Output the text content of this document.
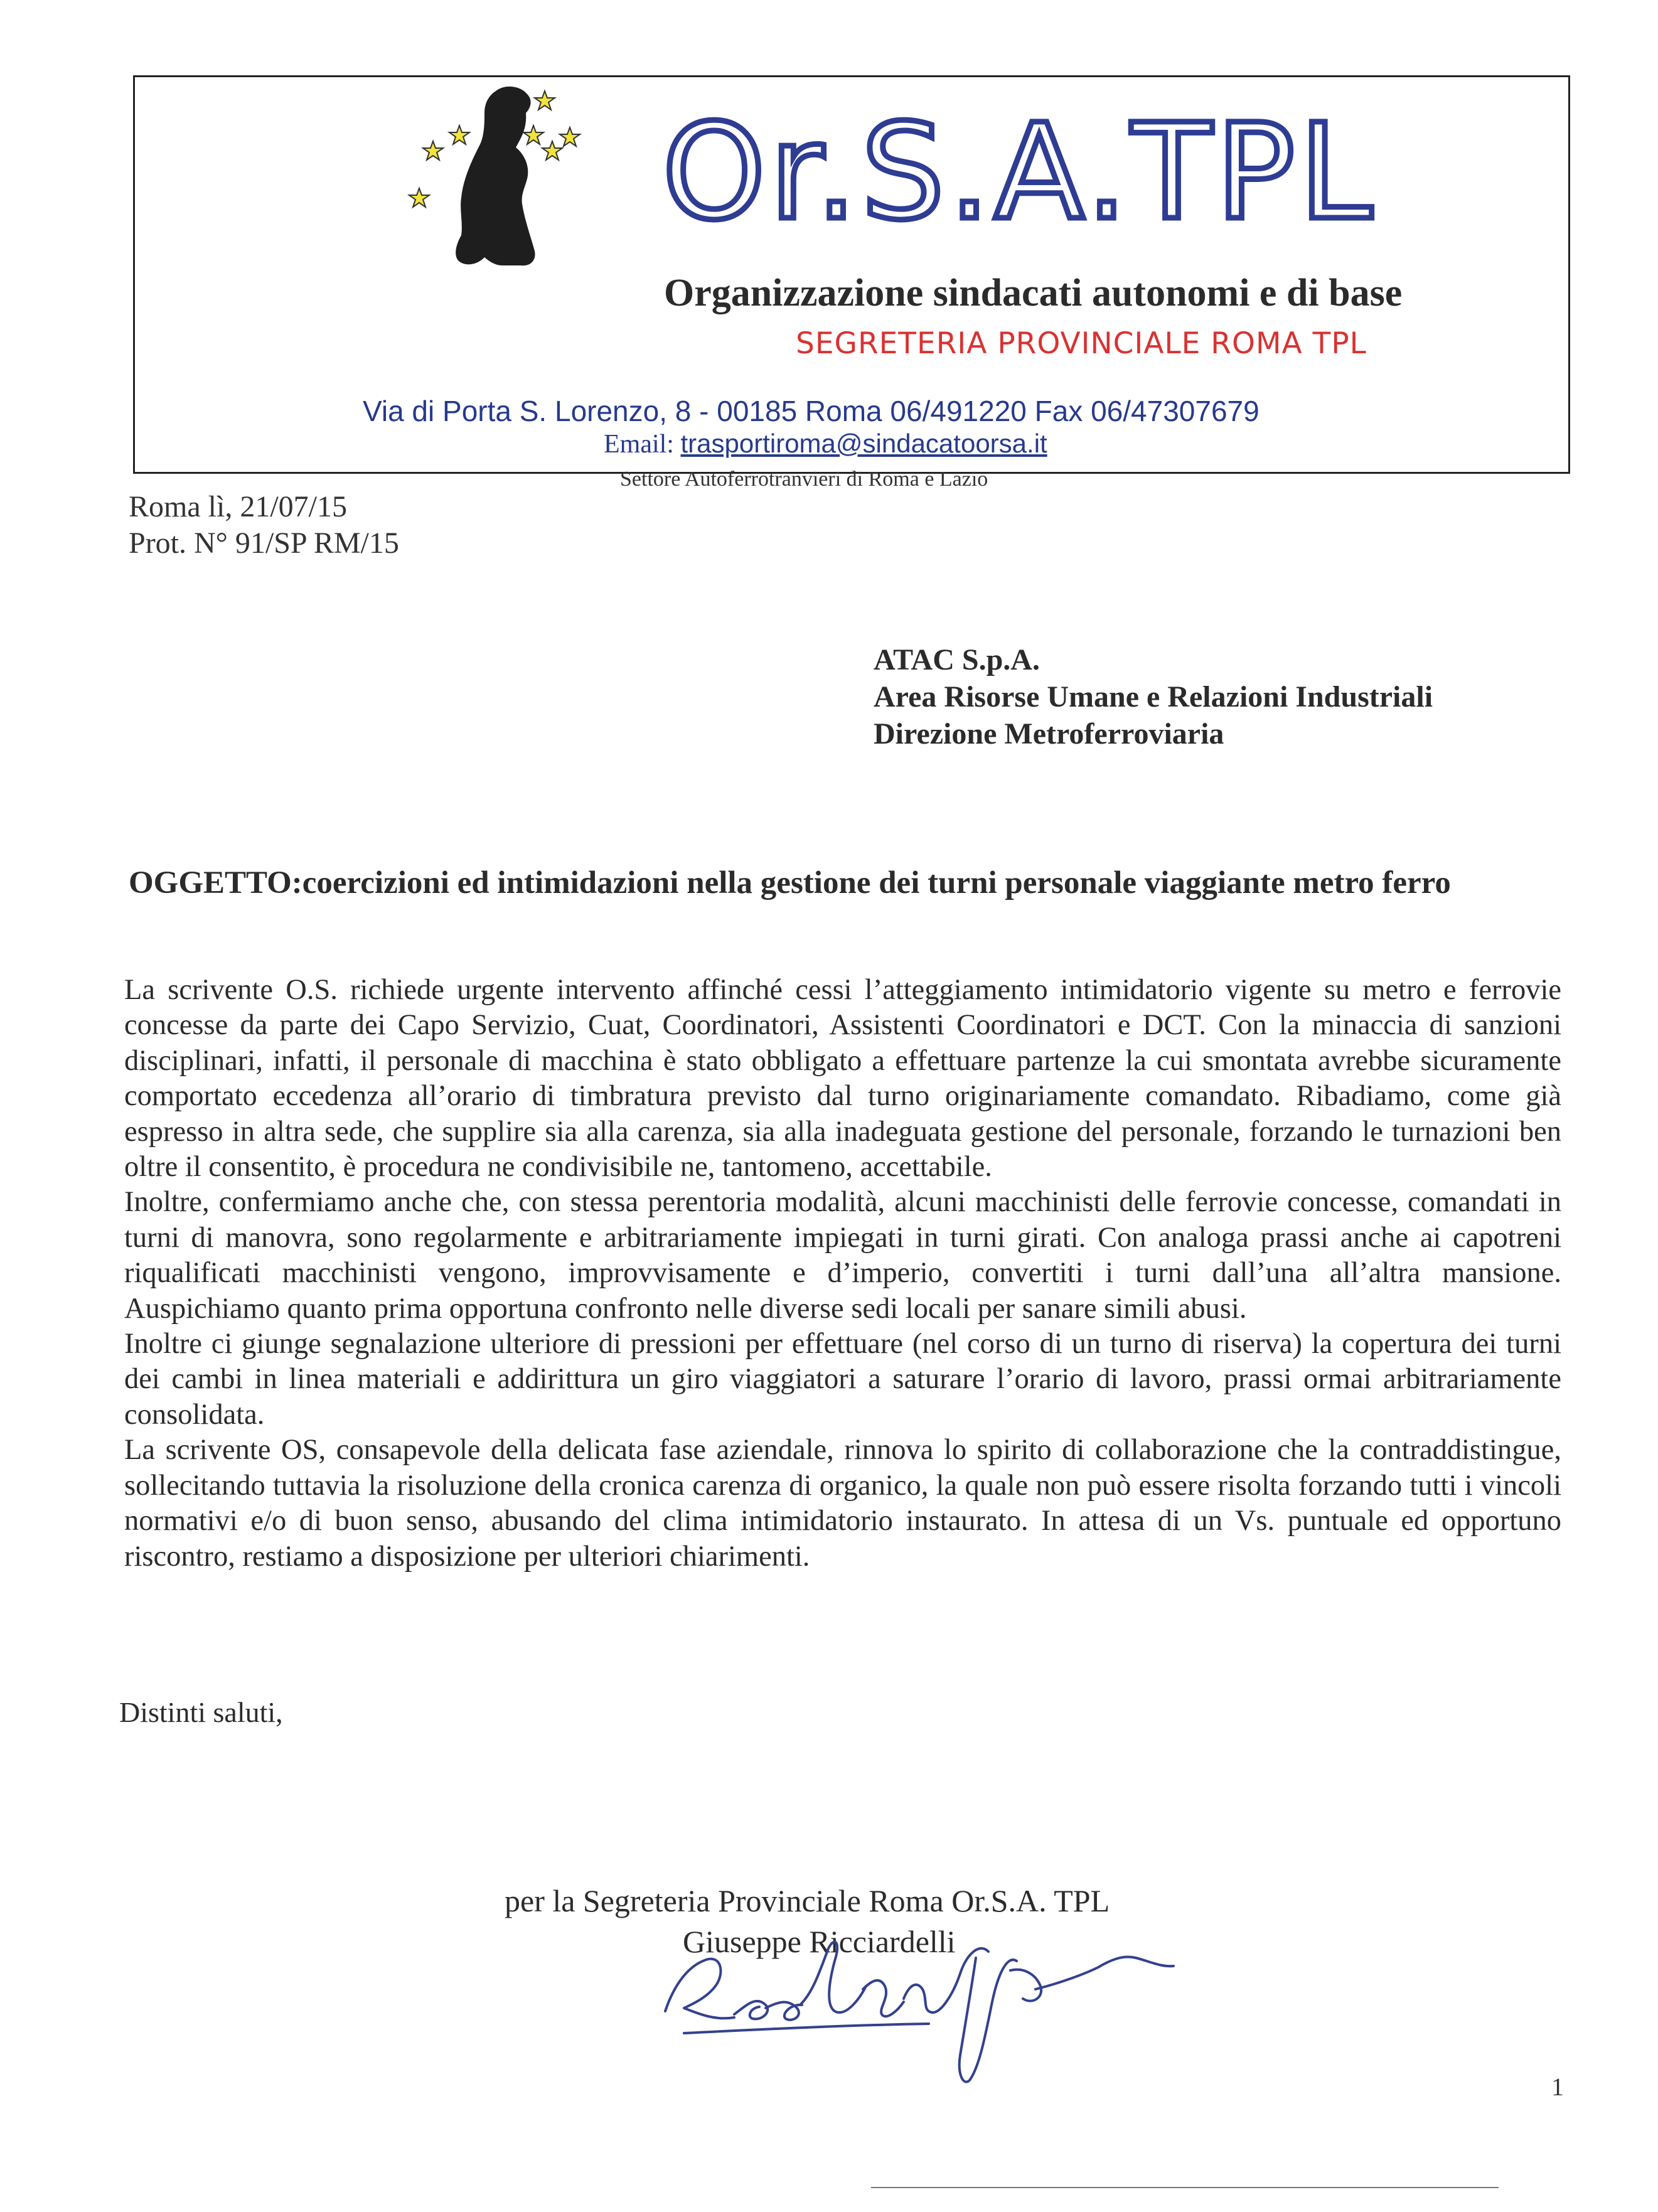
Or.S.A.TPL
Organizzazione sindacati autonomi e di base
SEGRETERIA PROVINCIALE ROMA TPL
Via di Porta S. Lorenzo, 8 - 00185 Roma 06/491220 Fax 06/47307679
Email: trasportiroma@sindacatoorsa.it
Settore Autoferrotranvieri di Roma e Lazio
Roma lì, 21/07/15
Prot. N° 91/SP RM/15
ATAC S.p.A.
Area Risorse Umane e Relazioni Industriali
Direzione Metroferroviaria
OGGETTO:coercizioni ed intimidazioni nella gestione dei turni personale viaggiante metro ferro

La scrivente O.S. richiede urgente intervento affinché cessi l’atteggiamento intimidatorio vigente su metro e ferrovie concesse da parte dei Capo Servizio, Cuat, Coordinatori, Assistenti Coordinatori e DCT. Con la minaccia di sanzioni disciplinari, infatti, il personale di macchina è stato obbligato a effettuare partenze la cui smontata avrebbe sicuramente comportato eccedenza all’orario di timbratura previsto dal turno originariamente comandato. Ribadiamo, come già espresso in altra sede, che supplire sia alla carenza, sia alla inadeguata gestione del personale, forzando le turnazioni ben oltre il consentito, è procedura ne condivisibile ne, tantomeno, accettabile.

Inoltre, confermiamo anche che, con stessa perentoria modalità, alcuni macchinisti delle ferrovie concesse, comandati in turni di manovra, sono regolarmente e arbitrariamente impiegati in turni girati. Con analoga prassi anche ai capotreni riqualificati macchinisti vengono, improvvisamente e d’imperio, convertiti i turni dall’una all’altra mansione. Auspichiamo quanto prima opportuna confronto nelle diverse sedi locali per sanare simili abusi.

Inoltre ci giunge segnalazione ulteriore di pressioni per effettuare (nel corso di un turno di riserva) la copertura dei turni dei cambi in linea materiali e addirittura un giro viaggiatori a saturare l’orario di lavoro, prassi ormai arbitrariamente consolidata.

La scrivente OS, consapevole della delicata fase aziendale, rinnova lo spirito di collaborazione che la contraddistingue, sollecitando tuttavia la risoluzione della cronica carenza di organico, la quale non può essere risolta forzando tutti i vincoli normativi e/o di buon senso, abusando del clima intimidatorio instaurato. In attesa di un Vs. puntuale ed opportuno riscontro, restiamo a disposizione per ulteriori chiarimenti.

Distinti saluti,
per la Segreteria Provinciale Roma Or.S.A. TPL
Giuseppe Ricciardelli
1
